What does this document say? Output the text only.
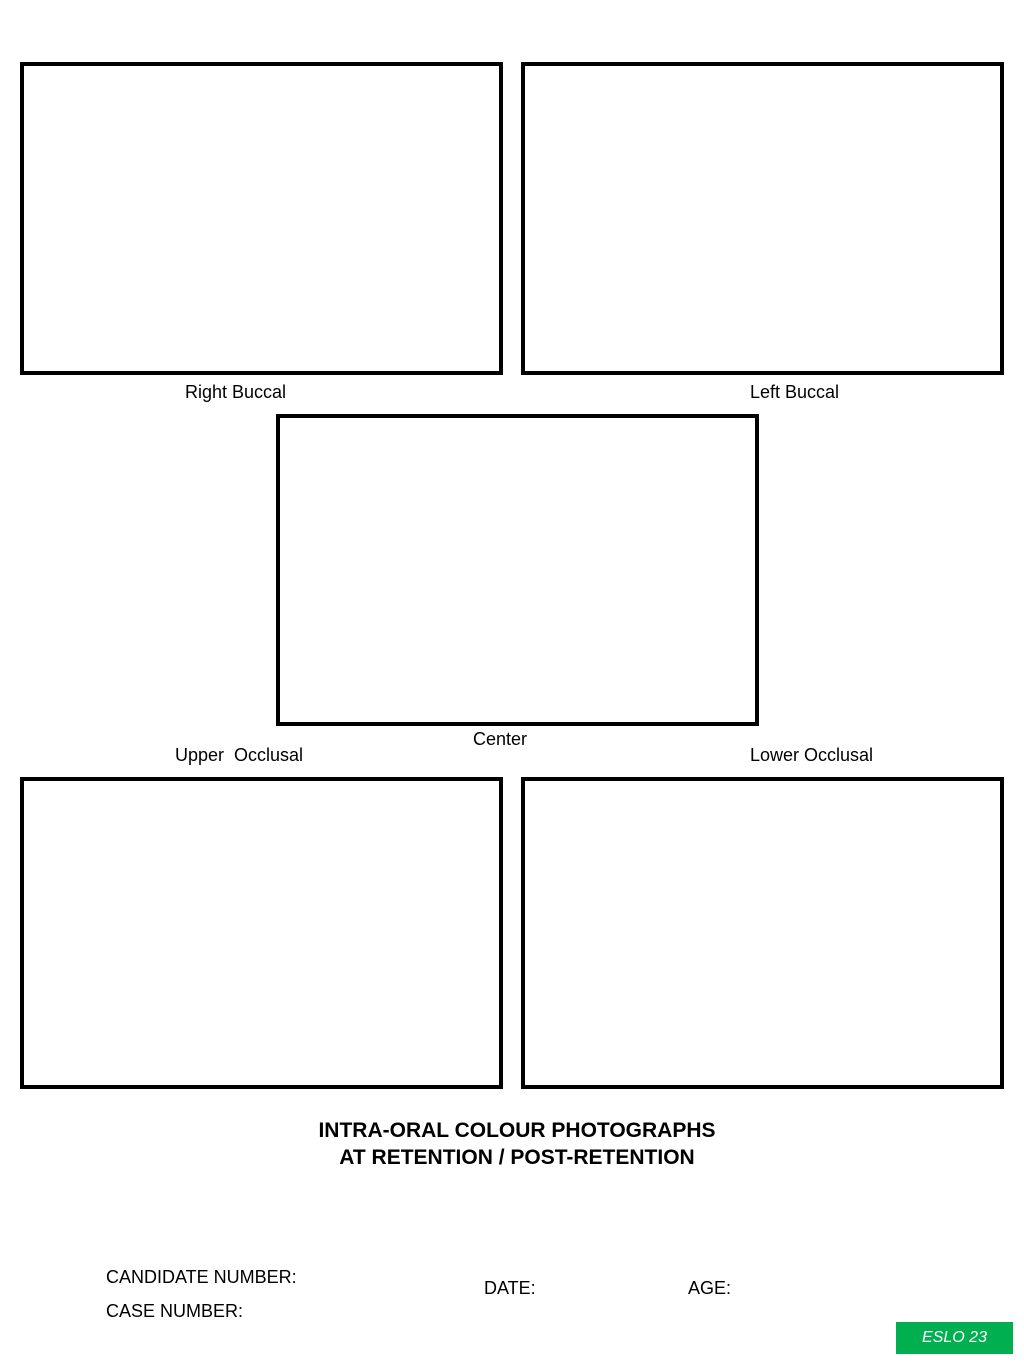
Right Buccal	Left Buccal
Center
Upper  Occlusal	Lower Occlusal
INTRA-ORAL COLOUR PHOTOGRAPHS
AT RETENTION / POST-RETENTION
CANDIDATE NUMBER:
CASE NUMBER:
DATE:	AGE:
ESLO 23
